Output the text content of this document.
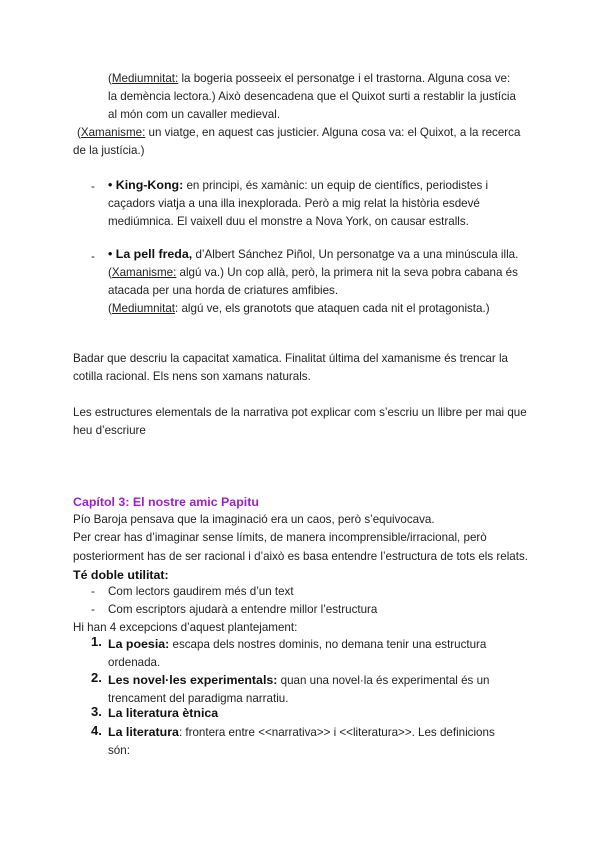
(Mediumnitat: la bogeria posseeix el personatge i el trastorna. Alguna cosa ve: la demència lectora.) Això desencadena que el Quixot surti a restablir la justícia al món com un cavaller medieval.
(Xamanisme: un viatge, en aquest cas justicier. Alguna cosa va: el Quixot, a la recerca de la justícia.)
-	• King-Kong: en principi, és xamànic: un equip de científics, periodistes i caçadors viatja a una illa inexplorada. Però a mig relat la història esdevé mediúmnica. El vaixell duu el monstre a Nova York, on causar estralls.
-	• La pell freda, d’Albert Sánchez Piñol, Un personatge va a una minúscula illa.
(Xamanisme: algú va.) Un cop allà, però, la primera nit la seva pobra cabana és atacada per una horda de criatures amfibies.
(Mediumnitat: algú ve, els granotots que ataquen cada nit el protagonista.)
Badar que descriu la capacitat xamatica. Finalitat última del xamanisme és trencar la cotilla racional. Els nens son xamans naturals.
Les estructures elementals de la narrativa pot explicar com s’escriu un llibre per mai que heu d’escriure
Capítol 3: El nostre amic Papitu
Pío Baroja pensava que la imaginació era un caos, però s’equivocava.
Per crear has d’imaginar sense límits, de manera incomprensible/irracional, però posteriorment has de ser racional i d’això es basa entendre l’estructura de tots els relats. Té doble utilitat:
-	Com lectors gaudirem més d’un text
-	Com escriptors ajudarà a entendre millor l’estructura
Hi han 4 excepcions d’aquest plantejament:
1. La poesia: escapa dels nostres dominis, no demana tenir una estructura ordenada.
2. Les novel·les experimentals: quan una novel·la és experimental és un trencament del paradigma narratiu.
3. La literatura ètnica
4. La literatura: frontera entre <<narrativa>> i <<literatura>>. Les definicions són:
